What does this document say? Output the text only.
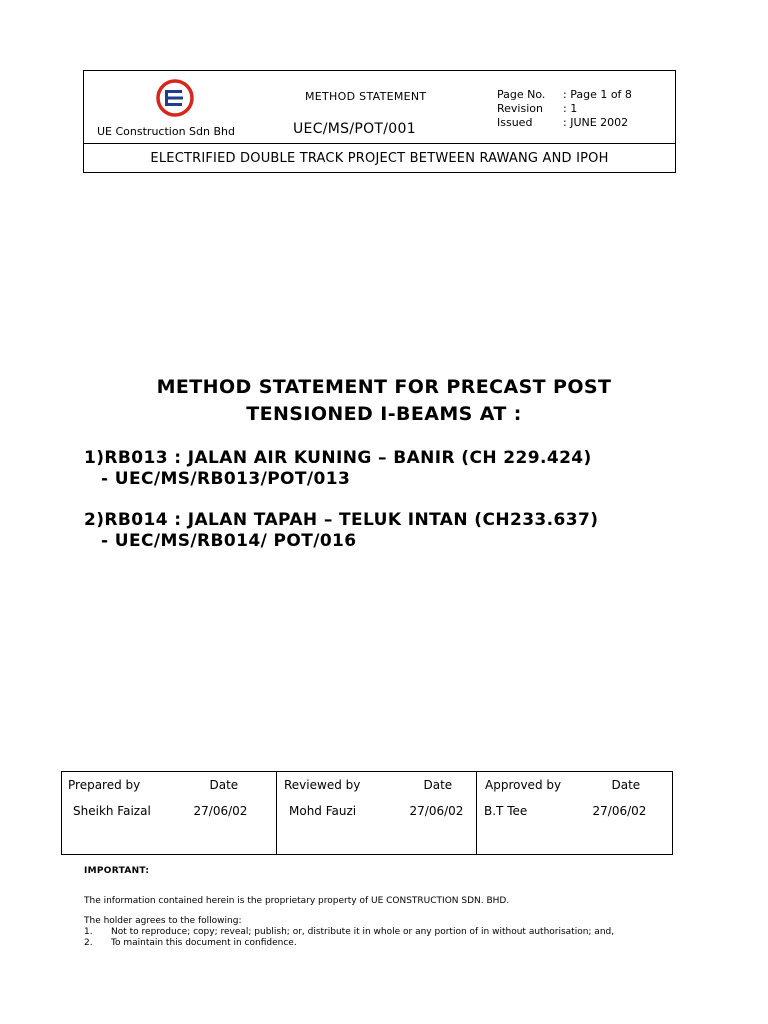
UE Construction Sdn Bhd
METHOD STATEMENT
UEC/MS/POT/001
Page No.	: Page 1 of 8
Revision	: 1
Issued	: JUNE 2002
ELECTRIFIED DOUBLE TRACK PROJECT BETWEEN RAWANG AND IPOH
METHOD STATEMENT FOR PRECAST POST
TENSIONED I-BEAMS AT :
1)RB013 : JALAN AIR KUNING – BANIR (CH 229.424)
- UEC/MS/RB013/POT/013
2)RB014 : JALAN TAPAH – TELUK INTAN (CH233.637)
- UEC/MS/RB014/ POT/016
Prepared by	Date	Reviewed by	Date	Approved by	Date
Sheikh Faizal	27/06/02	Mohd Fauzi	27/06/02	B.T Tee	27/06/02
IMPORTANT:
The information contained herein is the proprietary property of UE CONSTRUCTION SDN. BHD.
The holder agrees to the following:
1.	Not to reproduce; copy; reveal; publish; or, distribute it in whole or any portion of in without authorisation; and,
2.	To maintain this document in confidence.
